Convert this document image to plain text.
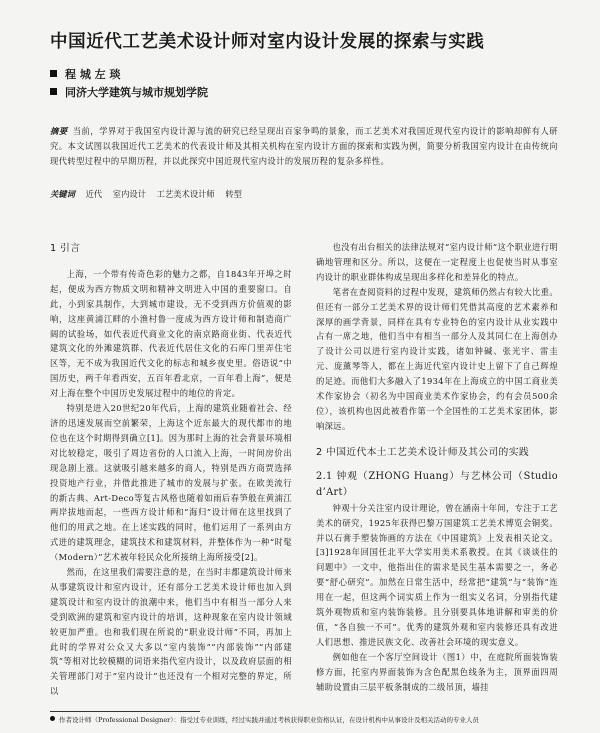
中国近代工艺美术设计师对室内设计发展的探索与实践
程 城 左 琰
同济大学建筑与城市规划学院
摘要 当前，学界对于我国室内设计源与流的研究已经呈现出百家争鸣的景象，而工艺美术对我国近现代室内设计的影响却鲜有人研究。本文试图以我国近代工艺美术的代表设计师及其相关机构在室内设计方面的探索和实践为例，简要分析我国室内设计在由传统向现代转型过程中的早期历程，并以此探究中国近现代室内设计的发展历程的复杂多样性。
关键词 近代 室内设计 工艺美术设计师 转型

1 引言

上海，一个带有传奇色彩的魅力之都，自1843年开埠之时起，便成为西方物质文明和精神文明进入中国的重要窗口。自此，小到家具制作，大到城市建设，无不受到西方价值观的影响，这座黄浦江畔的小渔村鲁一度成为西方设计师和制造商广阔的试验场，如代表近代商业文化的南京路商业街、代表近代建筑文化的外滩建筑群、代表近代居住文化的石库门里弄住宅区等，无不成为我国近代文化的标志和城乡夜史里。俗语说“中国历史，两千年看西安，五百年看北京，一百年看上海”，便是对上海在整个中国历史发展过程中的地位的肯定。

特别是进入20世纪20年代后，上海的建筑业随着社会、经济的迅速发展而空前繁荣，上海这个近东最大的现代都市的地位也在这个时期得到确立[1]。因为那时上海的社会背景环境相对比较稳定，吸引了周边省份的人口流入上海，一时间房价出现急剧上涨。这就吸引越来越多的商人，特别是西方商贾选择投资地产行业，并借此推进了城市的发展与扩张。在欧美流行的新古典、Art-Deco等复古风格也随着如雨后春笋般在黄浦江两岸拔地而起，一些西方设计师和“海归”设计师在这里找到了他们的用武之地。在上述实践的同时，他们运用了一系列由方式进的建筑理念，建筑技术和建筑材料，并整体作为一种“时髦（Modern）”艺术被年轻民众化所接纳上海所接受[2]。

然而，在这里我们需要注意的是，在当时丰都建筑设计师来从事建筑设计和室内设计，还有部分工艺美术设计师也加入到建筑设计和室内设计的浪潮中来，他们当中有相当一部分人来受到欧洲的建筑和室内设计的培训，这种现象在室内设计领域较更加严重。也和我们现在所说的“职业设计师”不同，再加上此时的学界对公众又大多以“室内装饰”“内部装饰”“内部建筑”等相对比较模糊的词语来指代室内设计，以及政府层面的相关管理部门对于“室内设计”也还没有一个相对完整的界定，所以

也没有出台相关的法律法规对“室内设计师”这个职业进行明确地管理和区分。所以，这便在一定程度上也促使当时从事室内设计的职业群体构成呈现出多样化和差异化的特点。

笔者在查阅资料的过程中发现，建筑师仍然占有较大比重。但还有一部分工艺美术界的设计师们凭借其高度的艺术素养和深厚的画学背景，同样在具有专业特色的室内设计从业实践中占有一席之地，他们当中有相当一部分人及其同仁在上海创办了设计公司以进行室内设计实践，诸如钟碱、张光宇、雷圭元、庞薰琴等人，都在上海近代室内设计史上留下了自己辉煌的足迹。而他们大多融入了1934年在上海成立的中国工商业美术作家协会（初名为中国商业美术作家协会，约有会员500余位），该机构也因此被看作第一个全国性的工艺美术家团体，影响深远。

2 中国近代本土工艺美术设计师及其公司的实践

2.1 钟观（ZHONG Huang）与艺林公司（Studio d’Art）

钟观十分关注室内设计理论，曾在涵南十年间，专注于工艺美术的研究，1925年获得巴黎万国建筑工艺美术博览会铜奖。并以石膏手塑装饰画的方法在《中国建筑》上发表相关论文。[3]1928年回国任北平大学实用美术系教授。在其《谈谈住的问题中》一文中，他指出住的需求是民生基本需要之一，务必要“舒心研究”。加然在日常生活中，经常把“建筑”与“装饰”连用在一起，但这两个词实质上作为一组实义名词，分别指代建筑外观物质和室内装饰装修。且分别要具体地讲解和审美的价值，“各自独一不可”。优秀的建筑外观和室内装修还具有改进人们思想、推进民族文化、改善社会环境的现实意义。

例如他在一个客厅空间设计（图1）中，在庭院所面装饰装修方面，托室内界面装饰为含色配黑色线条为主，顶界面四周辅助设置由三层平板条制成的二级吊顶，墙挂

作者设计师（Professional Designer）：指受过专业训练，经过实践并通过考核获得职业资格认证，在设计机构中从事设计及相关活动的专业人员
